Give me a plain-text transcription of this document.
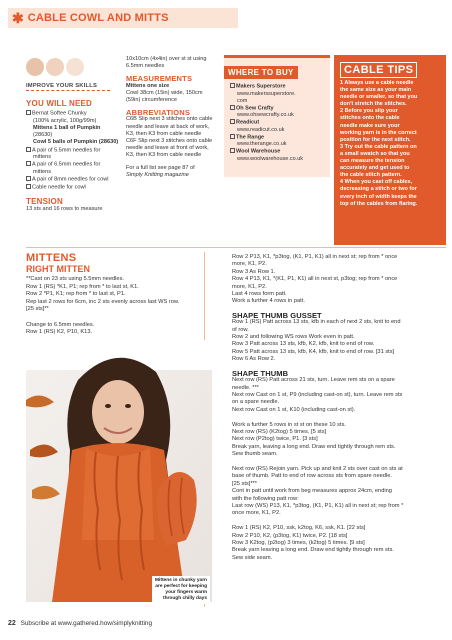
✱ CABLE COWL AND MITTS
IMPROVE YOUR SKILLS
YOU WILL NEED
Bernat Softee Chunky
(100% acrylic, 100g/99m)
Mittens 1 ball of Pumpkin
(28630)
Cowl 5 balls of Pumpkin (28630)
A pair of 5.5mm needles for
mittens
A pair of 6.5mm needles for
mittens
A pair of 8mm needles for cowl
Cable needle for cowl
TENSION
13 sts and 16 rows to measure
10x10cm (4x4in) over st st using
6.5mm needles
MEASUREMENTS
Mittens one size
Cowl 38cm (15in) wide, 150cm
(59in) circumference
ABBREVIATIONS
C6B Slip next 3 stitches onto cable
needle and leave at back of work,
K3, then K3 from cable needle
C6F Slip next 3 stitches onto cable
needle and leave at front of work,
K3, then K3 from cable needle
For a full list see page 87 of
Simply Knitting magazine
WHERE TO BUY
Makers Superstore
www.makerssuperstore.
com
Oh Sew Crafty
www.ohsewcrafty.co.uk
Readicut
www.readicut.co.uk
The Range
www.therange.co.uk
Wool Warehouse
www.woolwarehouse.co.uk
CABLE TIPS
1 Always use a cable needle
the same size as your main
needle or smaller, so that you
don't stretch the stitches.
2 Before you slip your
stitches onto the cable
needle make sure your
working yarn is in the correct
position for the next stitch.
3 Try out the cable pattern on
a small swatch so that you
can measure the tension
accurately and get used to
the cable stitch pattern.
4 When you cast off cables,
decreasing a stitch or two for
every inch of width keeps the
top of the cables from flaring.
MITTENS
RIGHT MITTEN
**Cast on 23 sts using 5.5mm needles.
Row 1 (RS) *K1, P1; rep from * to last st, K1.
Row 2 *P1, K1; rep from * to last st, P1.
Rep last 2 rows for 6cm, inc 2 sts evenly across last WS row.
[25 sts]**
Change to 6.5mm needles.
Row 1 (RS) K2, P10, K13.
Mittens in chunky yarn are perfect for keeping your fingers warm through chilly days
Row 2 P13, K1, *p3tog, (K1, P1, K1) all in next st; rep from * once
more, K1, P2.
Row 3 As Row 1.
Row 4 P13, K1, *(K1, P1, K1) all in next st, p3tog; rep from * once
more, K1, P2.
Last 4 rows form patt.
Work a further 4 rows in patt.
SHAPE THUMB GUSSET
Row 1 (RS) Patt across 13 sts, kfb in each of next 2 sts, knit to end
of row.
Row 2 and following WS rows Work even in patt.
Row 3 Patt across 13 sts, kfb, K2, kfb, knit to end of row.
Row 5 Patt across 13 sts, kfb, K4, kfb, knit to end of row. [31 sts]
Row 6 As Row 2.
SHAPE THUMB
Next row (RS) Patt across 21 sts, turn. Leave rem sts on a spare
needle. ***
Next row Cast on 1 st, P9 (including cast-on st), turn. Leave rem sts
on a spare needle.
Next row Cast on 1 st, K10 (including cast-on st).
Work a further 5 rows in st st on these 10 sts.
Next row (RS) (K2tog) 5 times. [5 sts]
Next row (P2tog) twice, P1. [3 sts]
Break yarn, leaving a long end. Draw end tightly through rem sts.
Sew thumb seam.
Next row (RS) Rejoin yarn. Pick up and knit 2 sts over cast on sts at
base of thumb. Patt to end of row across sts from spare needle.
[25 sts]***
Cont in patt until work from beg measures approx 24cm, ending
with the following patt row:
Last row (WS) P13, K1, *p3tog, (K1, P1, K1) all in next st; rep from *
once more, K1, P2.
Row 1 (RS) K2, P10, ssk, k2tog, K6, ssk, K1. [22 sts]
Row 2 P10, K2, (p3tog, K1) twice, P2. [18 sts]
Row 3 K2tog, (p2tog) 3 times, (k2tog) 5 times. [9 sts]
Break yarn leaving a long end. Draw end tightly through rem sts.
Sew side seam.
22 Subscribe at www.gathered.how/simplyknitting
